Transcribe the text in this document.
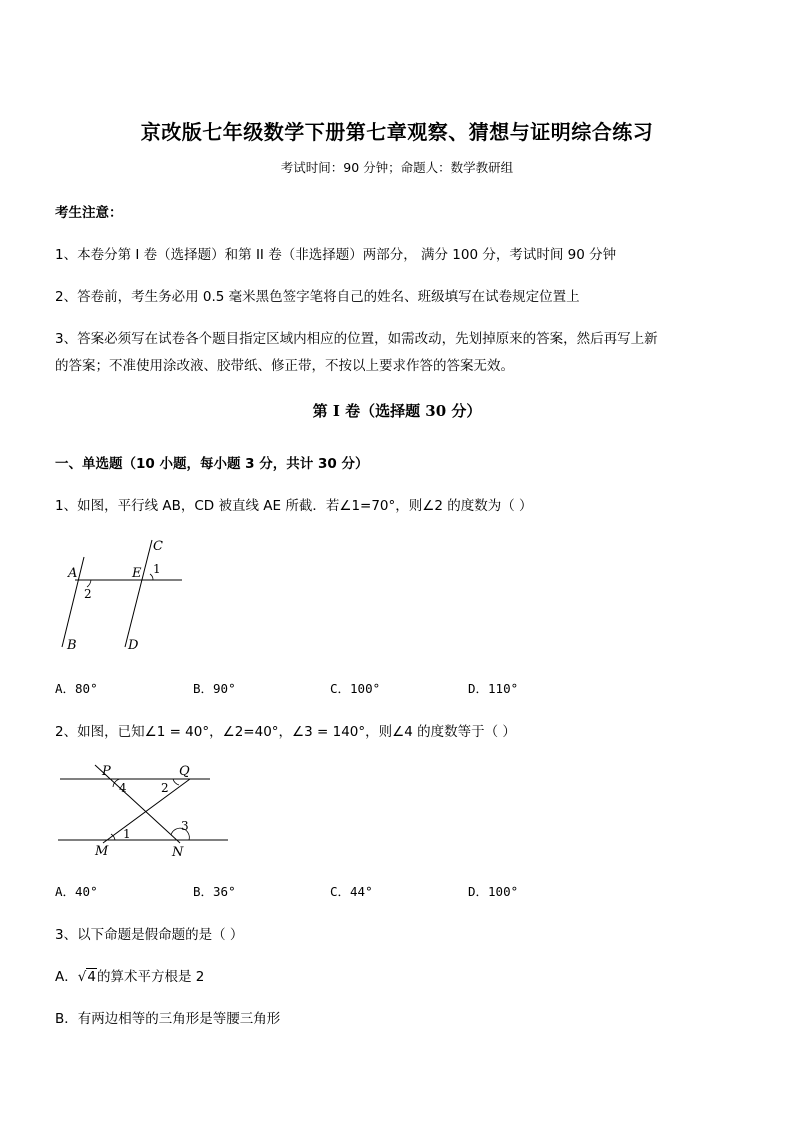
京改版七年级数学下册第七章观察、猜想与证明综合练习
考试时间：90 分钟；命题人：数学教研组
考生注意：
1、本卷分第 I 卷（选择题）和第 II 卷（非选择题）两部分， 满分 100 分，考试时间 90 分钟
2、答卷前，考生务必用 0.5 毫米黑色签字笔将自己的姓名、班级填写在试卷规定位置上
3、答案必须写在试卷各个题目指定区域内相应的位置，如需改动，先划掉原来的答案，然后再写上新
的答案；不准使用涂改液、胶带纸、修正带，不按以上要求作答的答案无效。
第 I 卷（选择题 30 分）
一、单选题（10 小题，每小题 3 分，共计 30 分）
1、如图，平行线 AB，CD 被直线 AE 所截．若∠1=70°，则∠2 的度数为（ ）
A	E
C
B	D
1
2
A．80°	B．90°	C．100°	D．110°
2、如图，已知∠1 = 40°，∠2=40°，∠3 = 140°，则∠4 的度数等于（ ）
P	Q
M	N
4	2
1
3
A．40°	B．36°	C．44°	D．100°
3、以下命题是假命题的是（ ）
A．√4的算术平方根是 2
B．有两边相等的三角形是等腰三角形
